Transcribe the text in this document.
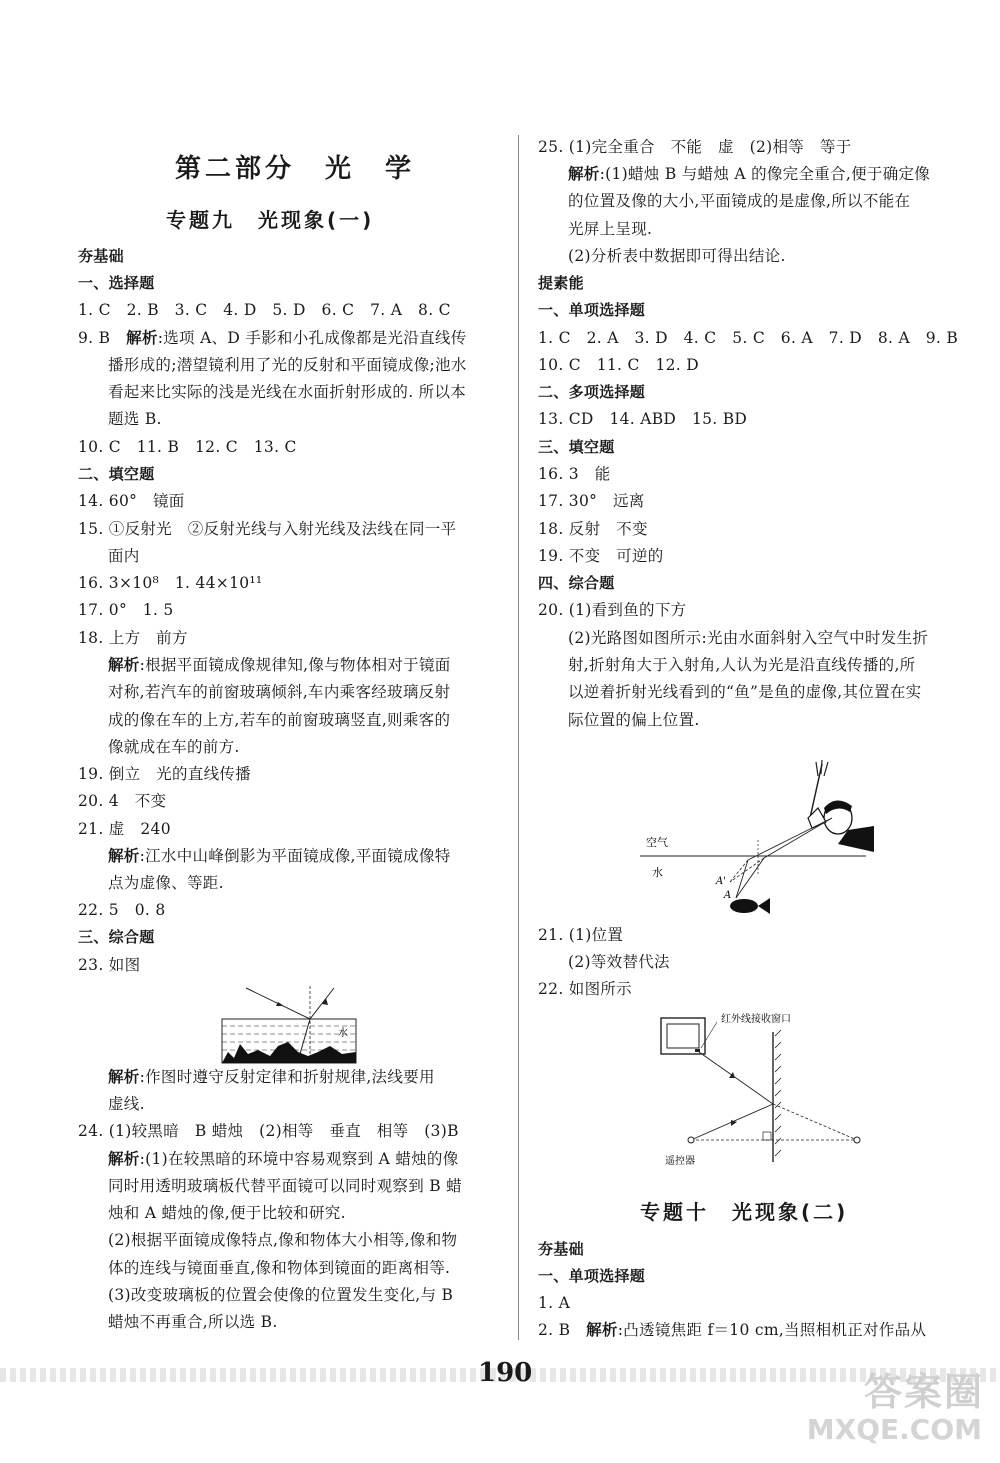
第二部分　光　学
专题九　光现象(一)
夯基础
一、选择题
1. C　2. B　3. C　4. D　5. D　6. C　7. A　8. C
9. B　解析:选项 A、D 手影和小孔成像都是光沿直线传
播形成的;潜望镜利用了光的反射和平面镜成像;池水
看起来比实际的浅是光线在水面折射形成的. 所以本
题选 B.
10. C　11. B　12. C　13. C
二、填空题
14. 60°　镜面
15. ①反射光　②反射光线与入射光线及法线在同一平
面内
16. 3×10⁸　1. 44×10¹¹
17. 0°　1. 5
18. 上方　前方
解析:根据平面镜成像规律知,像与物体相对于镜面
对称,若汽车的前窗玻璃倾斜,车内乘客经玻璃反射
成的像在车的上方,若车的前窗玻璃竖直,则乘客的
像就成在车的前方.
19. 倒立　光的直线传播
20. 4　不变
21. 虚　240
解析:江水中山峰倒影为平面镜成像,平面镜成像特
点为虚像、等距.
22. 5　0. 8
三、综合题
23. 如图
水
解析:作图时遵守反射定律和折射规律,法线要用
虚线.
24. (1)较黑暗　B 蜡烛　(2)相等　垂直　相等　(3)B
解析:(1)在较黑暗的环境中容易观察到 A 蜡烛的像
同时用透明玻璃板代替平面镜可以同时观察到 B 蜡
烛和 A 蜡烛的像,便于比较和研究.
(2)根据平面镜成像特点,像和物体大小相等,像和物
体的连线与镜面垂直,像和物体到镜面的距离相等.
(3)改变玻璃板的位置会使像的位置发生变化,与 B
蜡烛不再重合,所以选 B.
25. (1)完全重合　不能　虚　(2)相等　等于
解析:(1)蜡烛 B 与蜡烛 A 的像完全重合,便于确定像
的位置及像的大小,平面镜成的是虚像,所以不能在
光屏上呈现.
(2)分析表中数据即可得出结论.
提素能
一、单项选择题
1. C　2. A　3. D　4. C　5. C　6. A　7. D　8. A　9. B
10. C　11. C　12. D
二、多项选择题
13. CD　14. ABD　15. BD
三、填空题
16. 3　能
17. 30°　远离
18. 反射　不变
19. 不变　可逆的
四、综合题
20. (1)看到鱼的下方
(2)光路图如图所示:光由水面斜射入空气中时发生折
射,折射角大于入射角,人认为光是沿直线传播的,所
以逆着折射光线看到的“鱼”是鱼的虚像,其位置在实
际位置的偏上位置.
空气
水
A'
A
21. (1)位置
(2)等效替代法
22. 如图所示
红外线接收窗口
遥控器
专题十　光现象(二)
夯基础
一、单项选择题
1. A
2. B　解析:凸透镜焦距 f＝10 cm,当照相机正对作品从
190	答案圈
MXQE.COM
